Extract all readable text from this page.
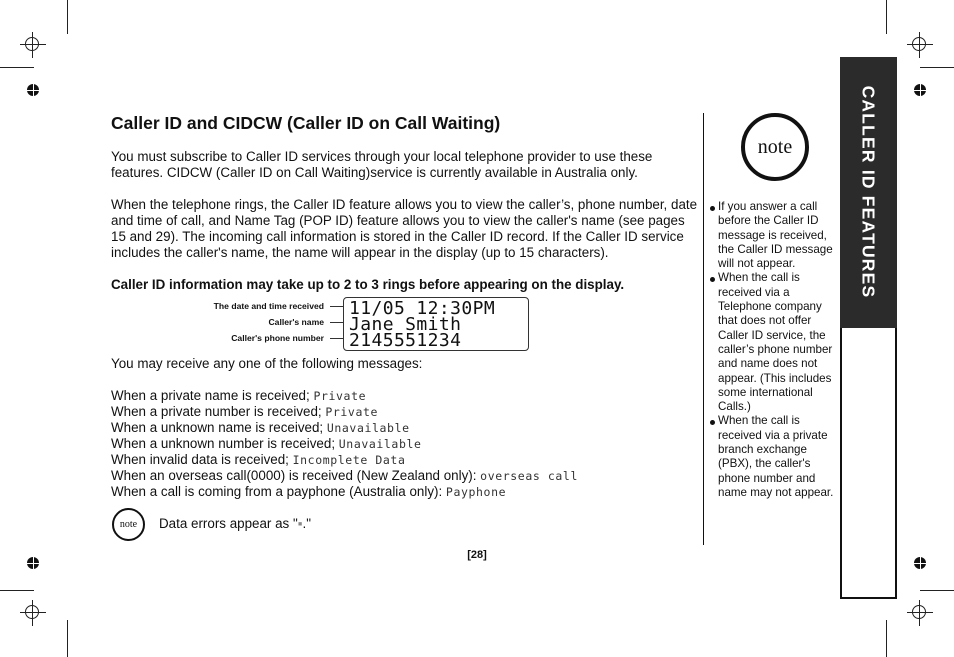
Caller ID and CIDCW (Caller ID on Call Waiting)

You must subscribe to Caller ID services through your local telephone provider to use these features. CIDCW (Caller ID on Call Waiting)service is currently available in Australia only.

When the telephone rings, the Caller ID feature allows you to view the caller’s, phone number, date and time of call, and Name Tag (POP ID) feature allows you to view the caller's name (see pages 15 and 29). The incoming call information is stored in the Caller ID record. If the Caller ID service includes the caller's name, the name will appear in the display (up to 15 characters).

Caller ID information may take up to 2 to 3 rings before appearing on the display.

The date and time received
Caller's name
Caller's phone number
11/05 12:30PM
Jane Smith
2145551234
You may receive any one of the following messages:
When a private name is received; Private
When a private number is received; Private
When a unknown name is received; Unavailable
When a unknown number is received; Unavailable
When invalid data is received; Incomplete Data
When an overseas call(0000) is received (New Zealand only): overseas call
When a call is coming from a payphone (Australia only): Payphone
note Data errors appear as "▪."
note
If you answer a call before the Caller ID message is received, the Caller ID message will not appear.
When the call is received via a Telephone company that does not offer Caller ID service, the caller’s phone number and name does not appear. (This includes some international Calls.)
When the call is received via a private branch exchange (PBX), the caller's phone number and name may not appear.
CALLER ID FEATURES
[28]
